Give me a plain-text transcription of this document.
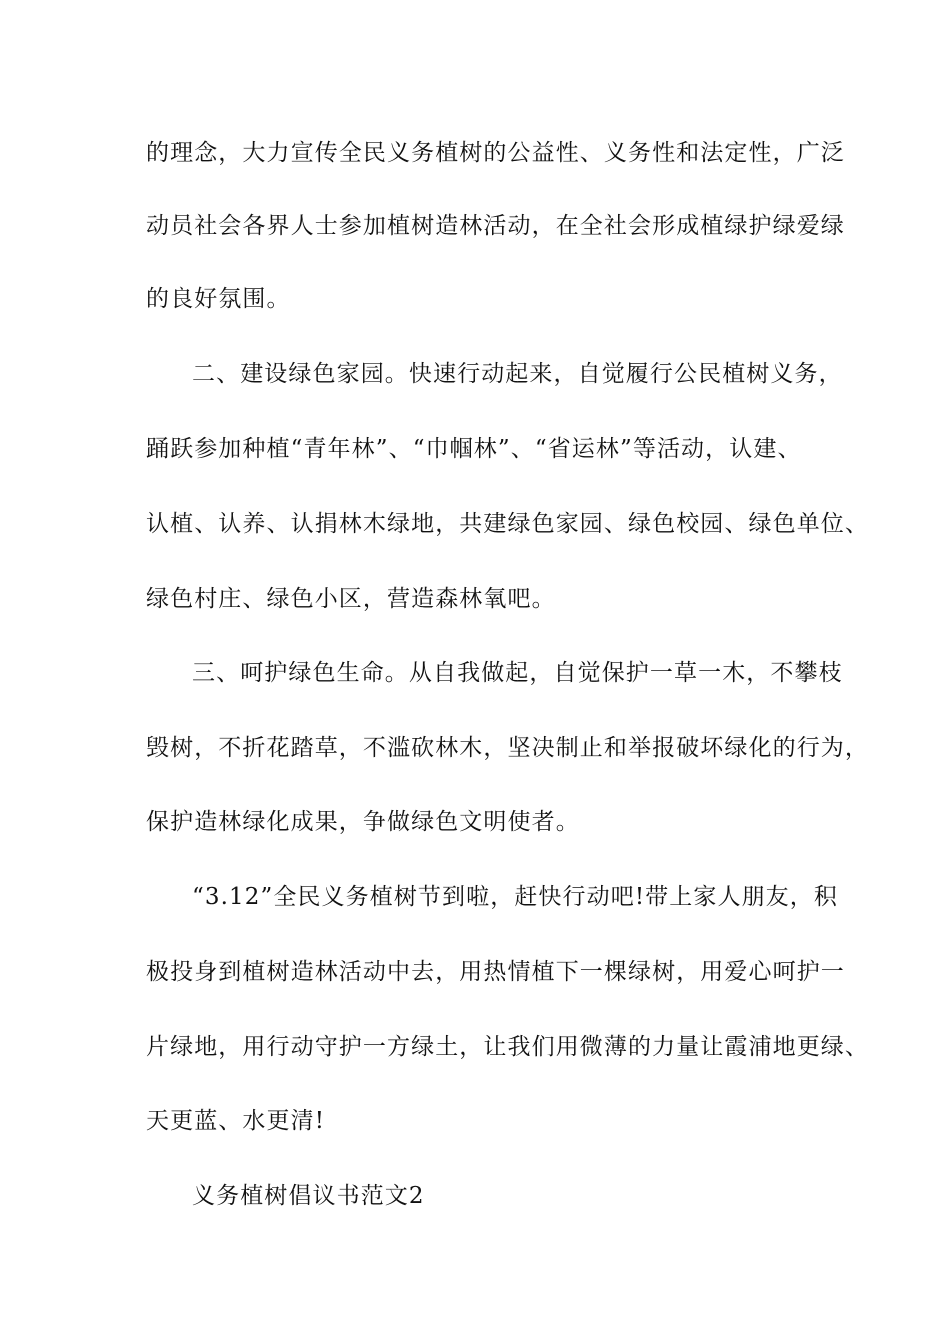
的理念，大力宣传全民义务植树的公益性、义务性和法定性，广泛
动员社会各界人士参加植树造林活动，在全社会形成植绿护绿爱绿
的良好氛围。
二、建设绿色家园。快速行动起来，自觉履行公民植树义务，
踊跃参加种植“青年林”、“巾帼林”、“省运林”等活动，认建、
认植、认养、认捐林木绿地，共建绿色家园、绿色校园、绿色单位、
绿色村庄、绿色小区，营造森林氧吧。
三、呵护绿色生命。从自我做起，自觉保护一草一木，不攀枝
毁树，不折花踏草，不滥砍林木，坚决制止和举报破坏绿化的行为，
保护造林绿化成果，争做绿色文明使者。
“3.12”全民义务植树节到啦，赶快行动吧!带上家人朋友，积
极投身到植树造林活动中去，用热情植下一棵绿树，用爱心呵护一
片绿地，用行动守护一方绿土，让我们用微薄的力量让霞浦地更绿、
天更蓝、水更清!
义务植树倡议书范文2
